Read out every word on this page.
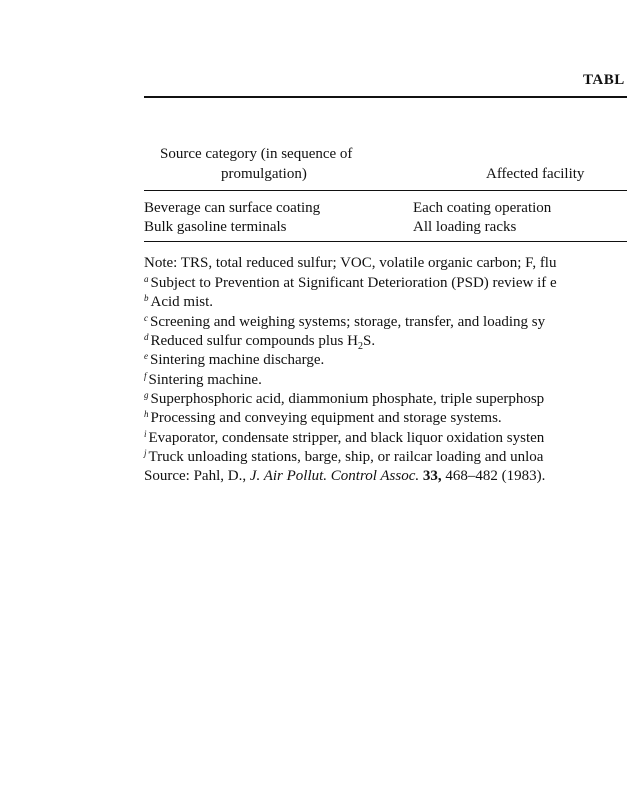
TABL
Source category (in sequence of
promulgation)	Affected facility
Beverage can surface coating	Each coating operation
Bulk gasoline terminals	All loading racks
Note: TRS, total reduced sulfur; VOC, volatile organic carbon; F, flu
$^a$ Subject to Prevention at Significant Deterioration (PSD) review if e
$^b$ Acid mist.
$^c$ Screening and weighing systems; storage, transfer, and loading sy
$^d$ Reduced sulfur compounds plus $H_2S$.
$^e$ Sintering machine discharge.
$^f$ Sintering machine.
$^g$ Superphosphoric acid, diammonium phosphate, triple superphosp
$^h$ Processing and conveying equipment and storage systems.
$^i$ Evaporator, condensate stripper, and black liquor oxidation systen
$^j$ Truck unloading stations, barge, ship, or railcar loading and unloa
Source: Pahl, D., J. Air Pollut. Control Assoc. 33, 468–482 (1983).
